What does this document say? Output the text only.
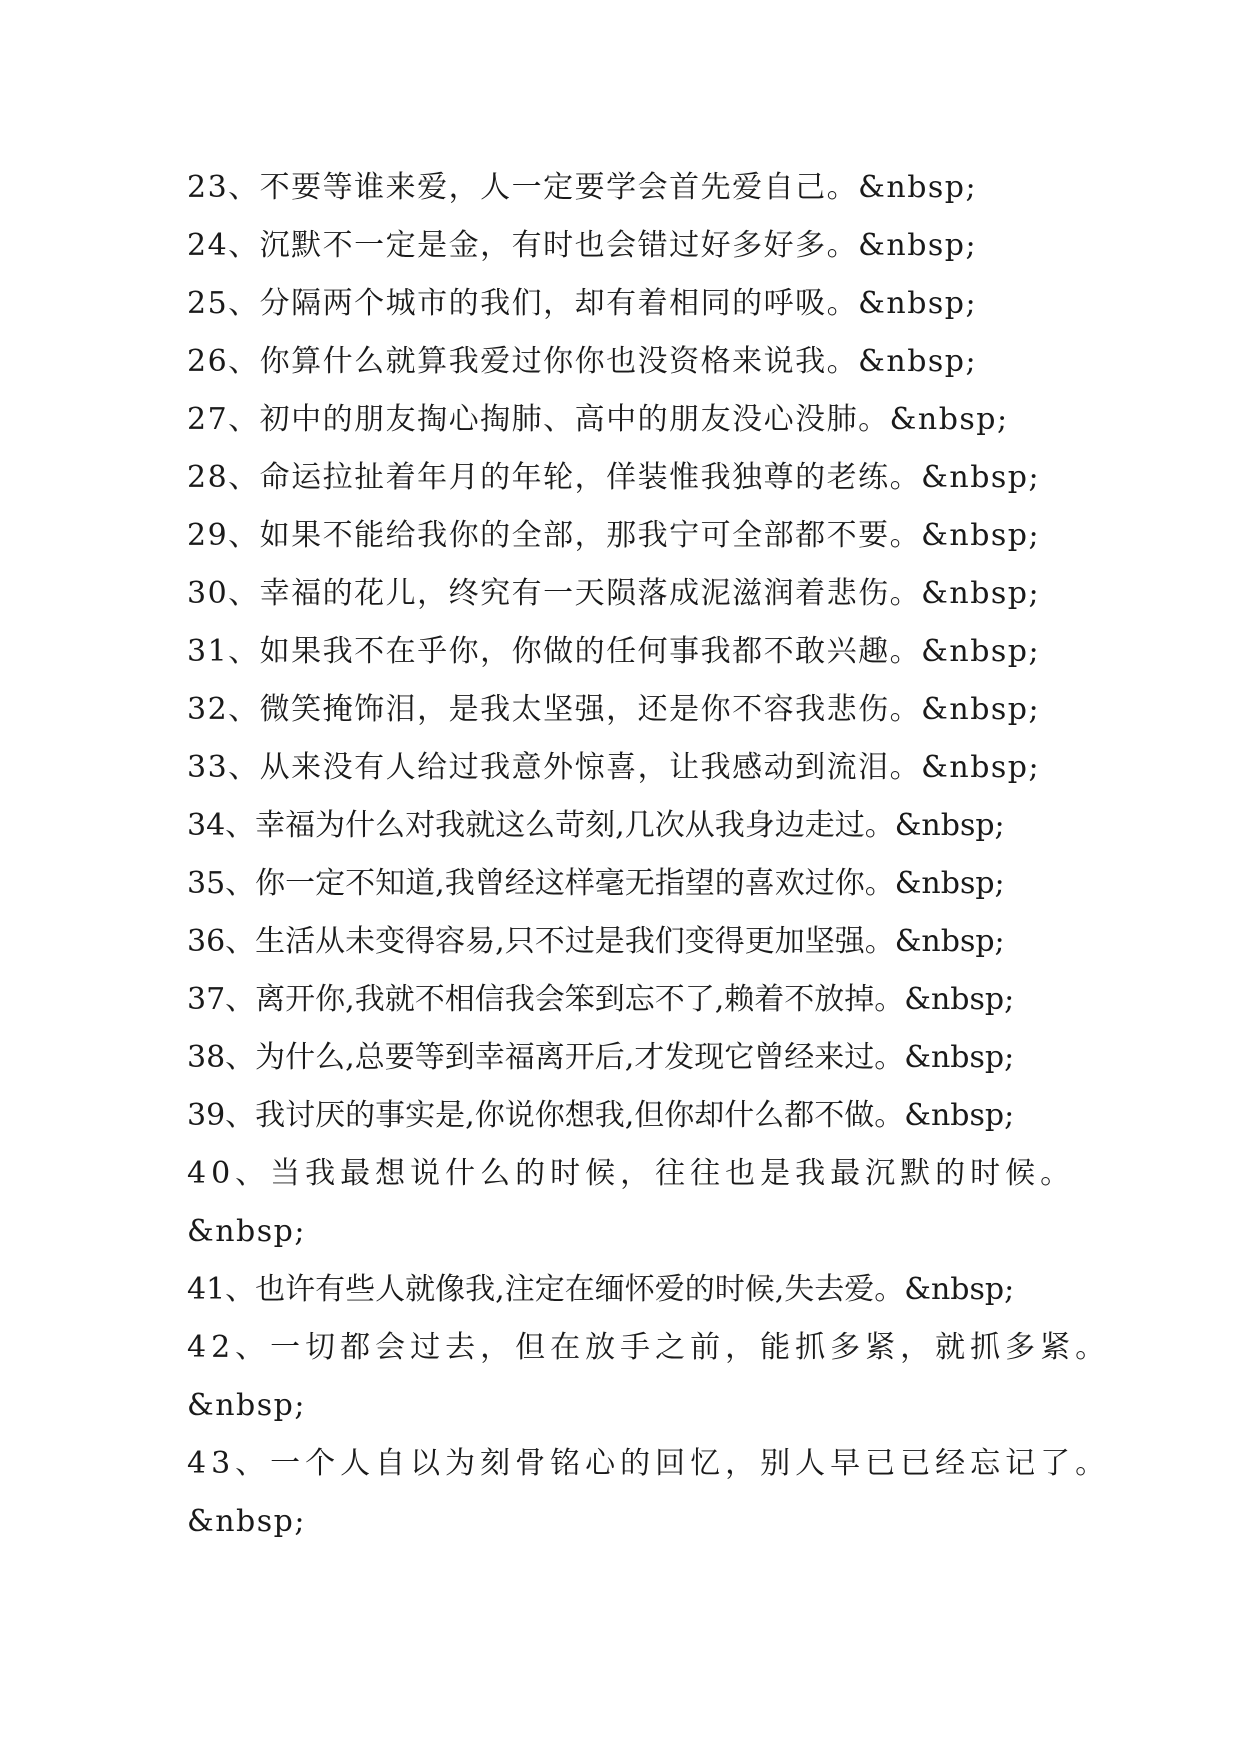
23、不要等谁来爱，人一定要学会首先爱自己。&nbsp;
24、沉默不一定是金，有时也会错过好多好多。&nbsp;
25、分隔两个城市的我们，却有着相同的呼吸。&nbsp;
26、你算什么就算我爱过你你也没资格来说我。&nbsp;
27、初中的朋友掏心掏肺、高中的朋友没心没肺。&nbsp;
28、命运拉扯着年月的年轮，佯装惟我独尊的老练。&nbsp;
29、如果不能给我你的全部，那我宁可全部都不要。&nbsp;
30、幸福的花儿，终究有一天陨落成泥滋润着悲伤。&nbsp;
31、如果我不在乎你，你做的任何事我都不敢兴趣。&nbsp;
32、微笑掩饰泪，是我太坚强，还是你不容我悲伤。&nbsp;
33、从来没有人给过我意外惊喜，让我感动到流泪。&nbsp;
34、幸福为什么对我就这么苛刻,几次从我身边走过。&nbsp;
35、你一定不知道,我曾经这样毫无指望的喜欢过你。&nbsp;
36、生活从未变得容易,只不过是我们变得更加坚强。&nbsp;
37、离开你,我就不相信我会笨到忘不了,赖着不放掉。&nbsp;
38、为什么,总要等到幸福离开后,才发现它曾经来过。&nbsp;
39、我讨厌的事实是,你说你想我,但你却什么都不做。&nbsp;
40、当我最想说什么的时候，往往也是我最沉默的时候。
&nbsp;
41、也许有些人就像我,注定在缅怀爱的时候,失去爱。&nbsp;
42、一切都会过去，但在放手之前，能抓多紧，就抓多紧。
&nbsp;
43、一个人自以为刻骨铭心的回忆，别人早已已经忘记了。
&nbsp;
